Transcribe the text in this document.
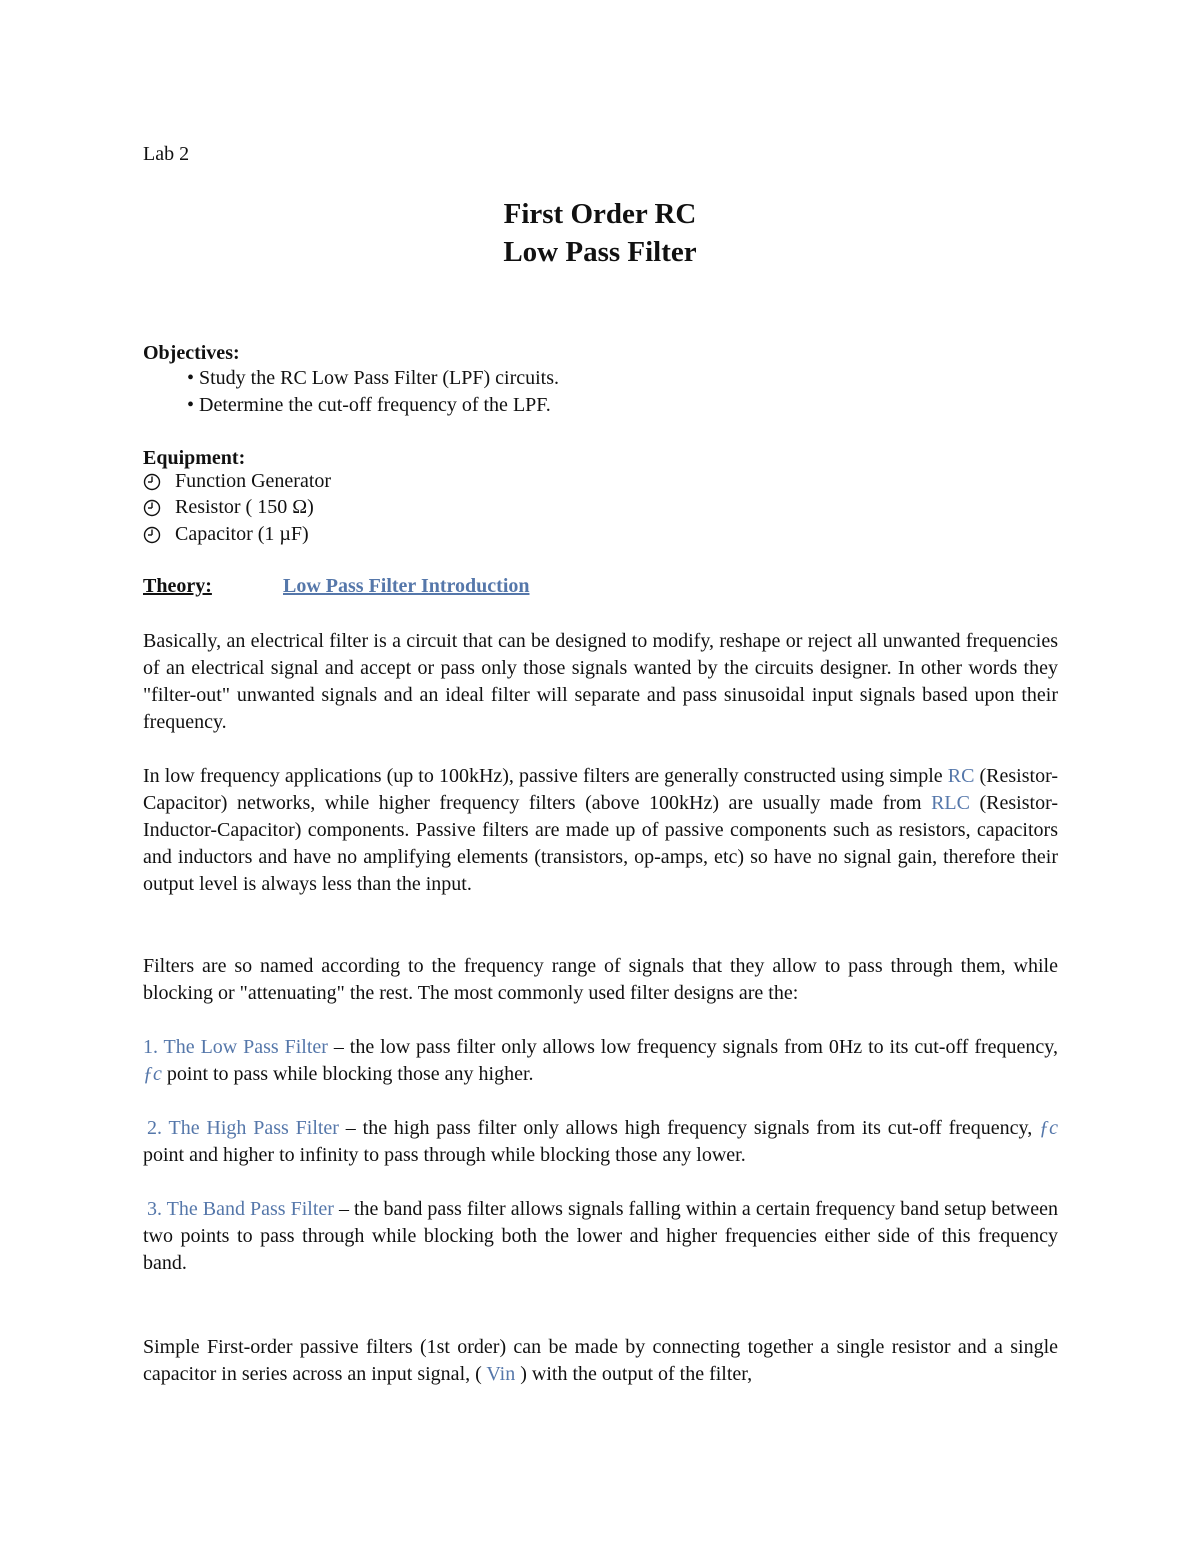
Lab 2
First Order RC
Low Pass Filter
Objectives:
• Study the RC Low Pass Filter (LPF) circuits.
• Determine the cut-off frequency of the LPF.
Equipment:
Function Generator
Resistor ( 150 Ω)
Capacitor (1 µF)
Theory:	Low Pass Filter Introduction
Basically, an electrical filter is a circuit that can be designed to modify, reshape or reject all unwanted frequencies of an electrical signal and accept or pass only those signals wanted by the circuits designer. In other words they "filter-out" unwanted signals and an ideal filter will separate and pass sinusoidal input signals based upon their frequency.
In low frequency applications (up to 100kHz), passive filters are generally constructed using simple RC (Resistor-Capacitor) networks, while higher frequency filters (above 100kHz) are usually made from RLC (Resistor-Inductor-Capacitor) components. Passive filters are made up of passive components such as resistors, capacitors and inductors and have no amplifying elements (transistors, op-amps, etc) so have no signal gain, therefore their output level is always less than the input.
Filters are so named according to the frequency range of signals that they allow to pass through them, while blocking or "attenuating" the rest. The most commonly used filter designs are the:
1. The Low Pass Filter – the low pass filter only allows low frequency signals from 0Hz to its cut-off frequency, ƒc point to pass while blocking those any higher.
2. The High Pass Filter – the high pass filter only allows high frequency signals from its cut-off frequency, ƒc point and higher to infinity to pass through while blocking those any lower.
3. The Band Pass Filter – the band pass filter allows signals falling within a certain frequency band setup between two points to pass through while blocking both the lower and higher frequencies either side of this frequency band.
Simple First-order passive filters (1st order) can be made by connecting together a single resistor and a single capacitor in series across an input signal, ( Vin ) with the output of the filter,
